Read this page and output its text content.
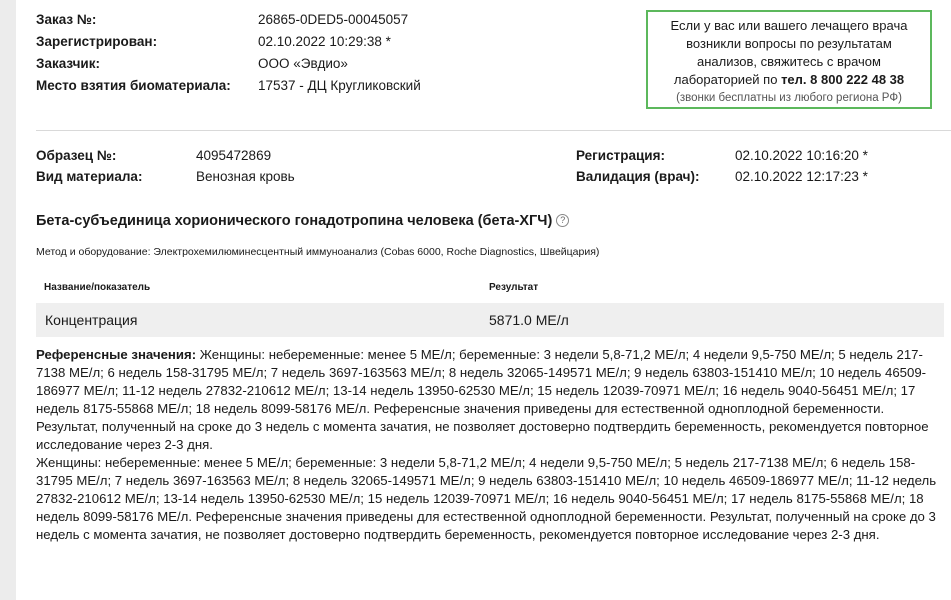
Заказ №:	26865-0DED5-00045057
Зарегистрирован:	02.10.2022 10:29:38 *
Заказчик:	ООО «Эвдио»
Место взятия биоматериала: 17537 - ДЦ Кругликовский
Если у вас или вашего лечащего врача
возникли вопросы по результатам
анализов, свяжитесь с врачом
лабораторией по тел. 8 800 222 48 38
(звонки бесплатны из любого региона РФ)
Образец №:	4095472869
Вид материала:	Венозная кровь
Регистрация:	02.10.2022 10:16:20 *
Валидация (врач):	02.10.2022 12:17:23 *
Бета-субъединица хорионического гонадотропина человека (бета-ХГЧ) ?
Метод и оборудование: Электрохемилюминесцентный иммуноанализ (Cobas 6000, Roche Diagnostics, Швейцария)
Название/показатель	Результат
Концентрация	5871.0 МЕ/л

Референсные значения: Женщины: небеременные: менее 5 МЕ/л; беременные: 3 недели 5,8-71,2 МЕ/л; 4 недели 9,5-750 МЕ/л; 5 недель 217-7138 МЕ/л; 6 недель 158-31795 МЕ/л; 7 недель 3697-163563 МЕ/л; 8 недель 32065-149571 МЕ/л; 9 недель 63803-151410 МЕ/л; 10 недель 46509-186977 МЕ/л; 11-12 недель 27832-210612 МЕ/л; 13-14 недель 13950-62530 МЕ/л; 15 недель 12039-70971 МЕ/л; 16 недель 9040-56451 МЕ/л; 17 недель 8175-55868 МЕ/л; 18 недель 8099-58176 МЕ/л. Референсные значения приведены для естественной одноплодной беременности. Результат, полученный на сроке до 3 недель с момента зачатия, не позволяет достоверно подтвердить беременность, рекомендуется повторное исследование через 2-3 дня.

Женщины: небеременные: менее 5 МЕ/л; беременные: 3 недели 5,8-71,2 МЕ/л; 4 недели 9,5-750 МЕ/л; 5 недель 217-7138 МЕ/л; 6 недель 158-31795 МЕ/л; 7 недель 3697-163563 МЕ/л; 8 недель 32065-149571 МЕ/л; 9 недель 63803-151410 МЕ/л; 10 недель 46509-186977 МЕ/л; 11-12 недель 27832-210612 МЕ/л; 13-14 недель 13950-62530 МЕ/л; 15 недель 12039-70971 МЕ/л; 16 недель 9040-56451 МЕ/л; 17 недель 8175-55868 МЕ/л; 18 недель 8099-58176 МЕ/л. Референсные значения приведены для естественной одноплодной беременности. Результат, полученный на сроке до 3 недель с момента зачатия, не позволяет достоверно подтвердить беременность, рекомендуется повторное исследование через 2-3 дня.
